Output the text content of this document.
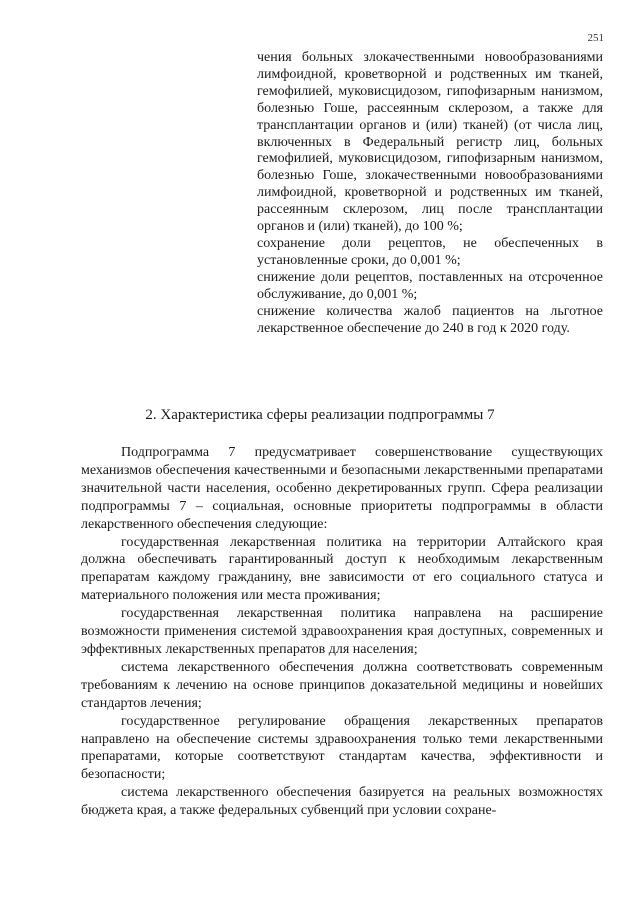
251

чения больных злокачественными новообразованиями лимфоидной, кроветворной и родственных им тканей, гемофилией, муковисцидозом, гипофизарным нанизмом, болезнью Гоше, рассеянным склерозом, а также для трансплантации органов и (или) тканей) (от числа лиц, включенных в Федеральный регистр лиц, больных гемофилией, муковисцидозом, гипофизарным нанизмом, болезнью Гоше, злокачественными новообразованиями лимфоидной, кроветворной и родственных им тканей, рассеянным склерозом, лиц после трансплантации органов и (или) тканей), до 100 %;

сохранение доли рецептов, не обеспеченных в установленные сроки, до 0,001 %;

снижение доли рецептов, поставленных на отсроченное обслуживание, до 0,001 %;

снижение количества жалоб пациентов на льготное лекарственное обеспечение до 240 в год к 2020 году.

2. Характеристика сферы реализации подпрограммы 7

Подпрограмма 7 предусматривает совершенствование существующих механизмов обеспечения качественными и безопасными лекарственными препаратами значительной части населения, особенно декретированных групп. Сфера реализации подпрограммы 7 – социальная, основные приоритеты подпрограммы в области лекарственного обеспечения следующие:

государственная лекарственная политика на территории Алтайского края должна обеспечивать гарантированный доступ к необходимым лекарственным препаратам каждому гражданину, вне зависимости от его социального статуса и материального положения или места проживания;

государственная лекарственная политика направлена на расширение возможности применения системой здравоохранения края доступных, современных и эффективных лекарственных препаратов для населения;

система лекарственного обеспечения должна соответствовать современным требованиям к лечению на основе принципов доказательной медицины и новейших стандартов лечения;

государственное регулирование обращения лекарственных препаратов направлено на обеспечение системы здравоохранения только теми лекарственными препаратами, которые соответствуют стандартам качества, эффективности и безопасности;

система лекарственного обеспечения базируется на реальных возможностях бюджета края, а также федеральных субвенций при условии сохране-
